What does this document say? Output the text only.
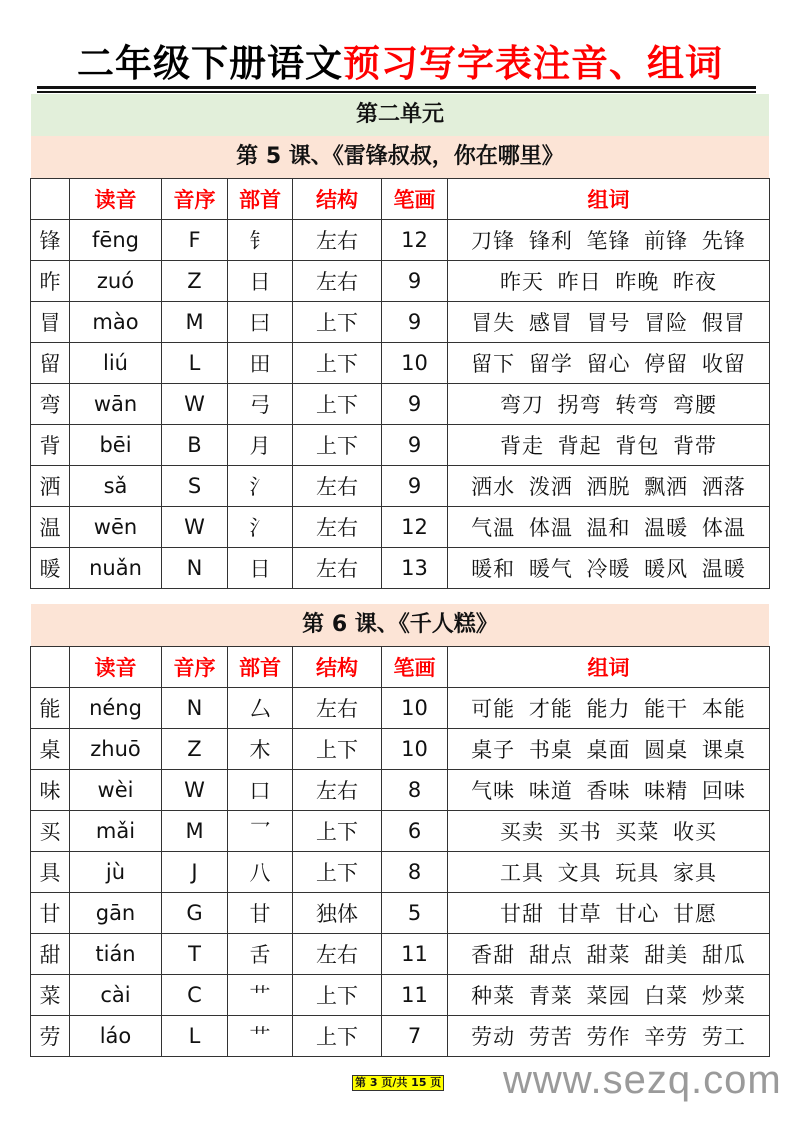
二年级下册语文预习写字表注音、组词
第二单元
第 5 课、《雷锋叔叔，你在哪里》
	读音	音序	部首	结构	笔画	组词
锋	fēng	F	钅	左右	12	刀锋 锋利 笔锋 前锋 先锋
昨	zuó	Z	日	左右	9	昨天 昨日 昨晚 昨夜
冒	mào	M	曰	上下	9	冒失 感冒 冒号 冒险 假冒
留	liú	L	田	上下	10	留下 留学 留心 停留 收留
弯	wān	W	弓	上下	9	弯刀 拐弯 转弯 弯腰
背	bēi	B	月	上下	9	背走 背起 背包 背带
洒	sǎ	S	氵	左右	9	洒水 泼洒 洒脱 飘洒 洒落
温	wēn	W	氵	左右	12	气温 体温 温和 温暖 体温
暖	nuǎn	N	日	左右	13	暖和 暖气 冷暖 暖风 温暖
第 6 课、《千人糕》
	读音	音序	部首	结构	笔画	组词
能	néng	N	厶	左右	10	可能 才能 能力 能干 本能
桌	zhuō	Z	木	上下	10	桌子 书桌 桌面 圆桌 课桌
味	wèi	W	口	左右	8	气味 味道 香味 味精 回味
买	mǎi	M	乛	上下	6	买卖 买书 买菜 收买
具	jù	J	八	上下	8	工具 文具 玩具 家具
甘	gān	G	甘	独体	5	甘甜 甘草 甘心 甘愿
甜	tián	T	舌	左右	11	香甜 甜点 甜菜 甜美 甜瓜
菜	cài	C	艹	上下	11	种菜 青菜 菜园 白菜 炒菜
劳	láo	L	艹	上下	7	劳动 劳苦 劳作 辛劳 劳工
第 3 页/共 15 页 www.sezq.com
